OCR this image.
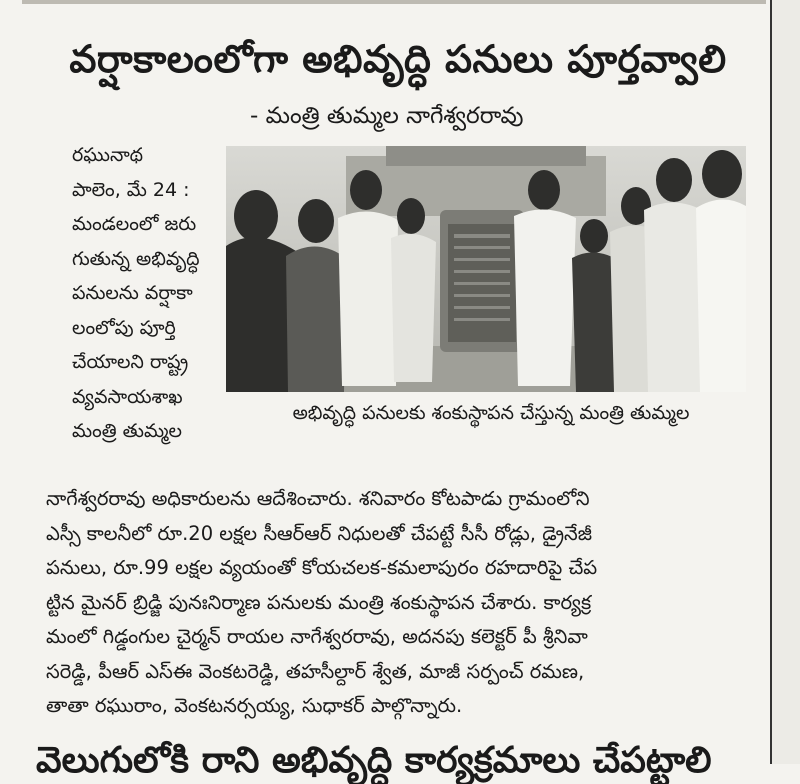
వర్షాకాలంలోగా అభివృద్ధి పనులు పూర్తవ్వాలి
- మంత్రి తుమ్మల నాగేశ్వరరావు
రఘునాథ
పాలెం, మే 24 :
మండలంలో జరు
గుతున్న అభివృద్ధి
పనులను వర్షాకా
లంలోపు పూర్తి
చేయాలని రాష్ట్ర
వ్యవసాయశాఖ
మంత్రి తుమ్మల
అభివృద్ధి పనులకు శంకుస్థాపన చేస్తున్న మంత్రి తుమ్మల
నాగేశ్వరరావు అధికారులను ఆదేశించారు. శనివారం కోటపాడు గ్రామంలోని
ఎస్సీ కాలనీలో రూ.20 లక్షల సీఆర్ఆర్ నిధులతో చేపట్టే సీసీ రోడ్లు, డ్రైనేజీ
పనులు, రూ.99 లక్షల వ్యయంతో కోయచలక-కమలాపురం రహదారిపై చేప
ట్టిన మైనర్ బ్రిడ్జి పునఃనిర్మాణ పనులకు మంత్రి శంకుస్థాపన చేశారు. కార్యక్ర
మంలో గిడ్డంగుల చైర్మన్ రాయల నాగేశ్వరరావు, అదనపు కలెక్టర్ పీ శ్రీనివా
సరెడ్డి, పీఆర్ ఎస్ఈ వెంకటరెడ్డి, తహసీల్దార్ శ్వేత, మాజీ సర్పంచ్ రమణ,
తాతా రఘురాం, వెంకటనర్సయ్య, సుధాకర్ పాల్గొన్నారు.
వెలుగులోకి రాని అభివృద్ధి కార్యక్రమాలు చేపట్టాలి
